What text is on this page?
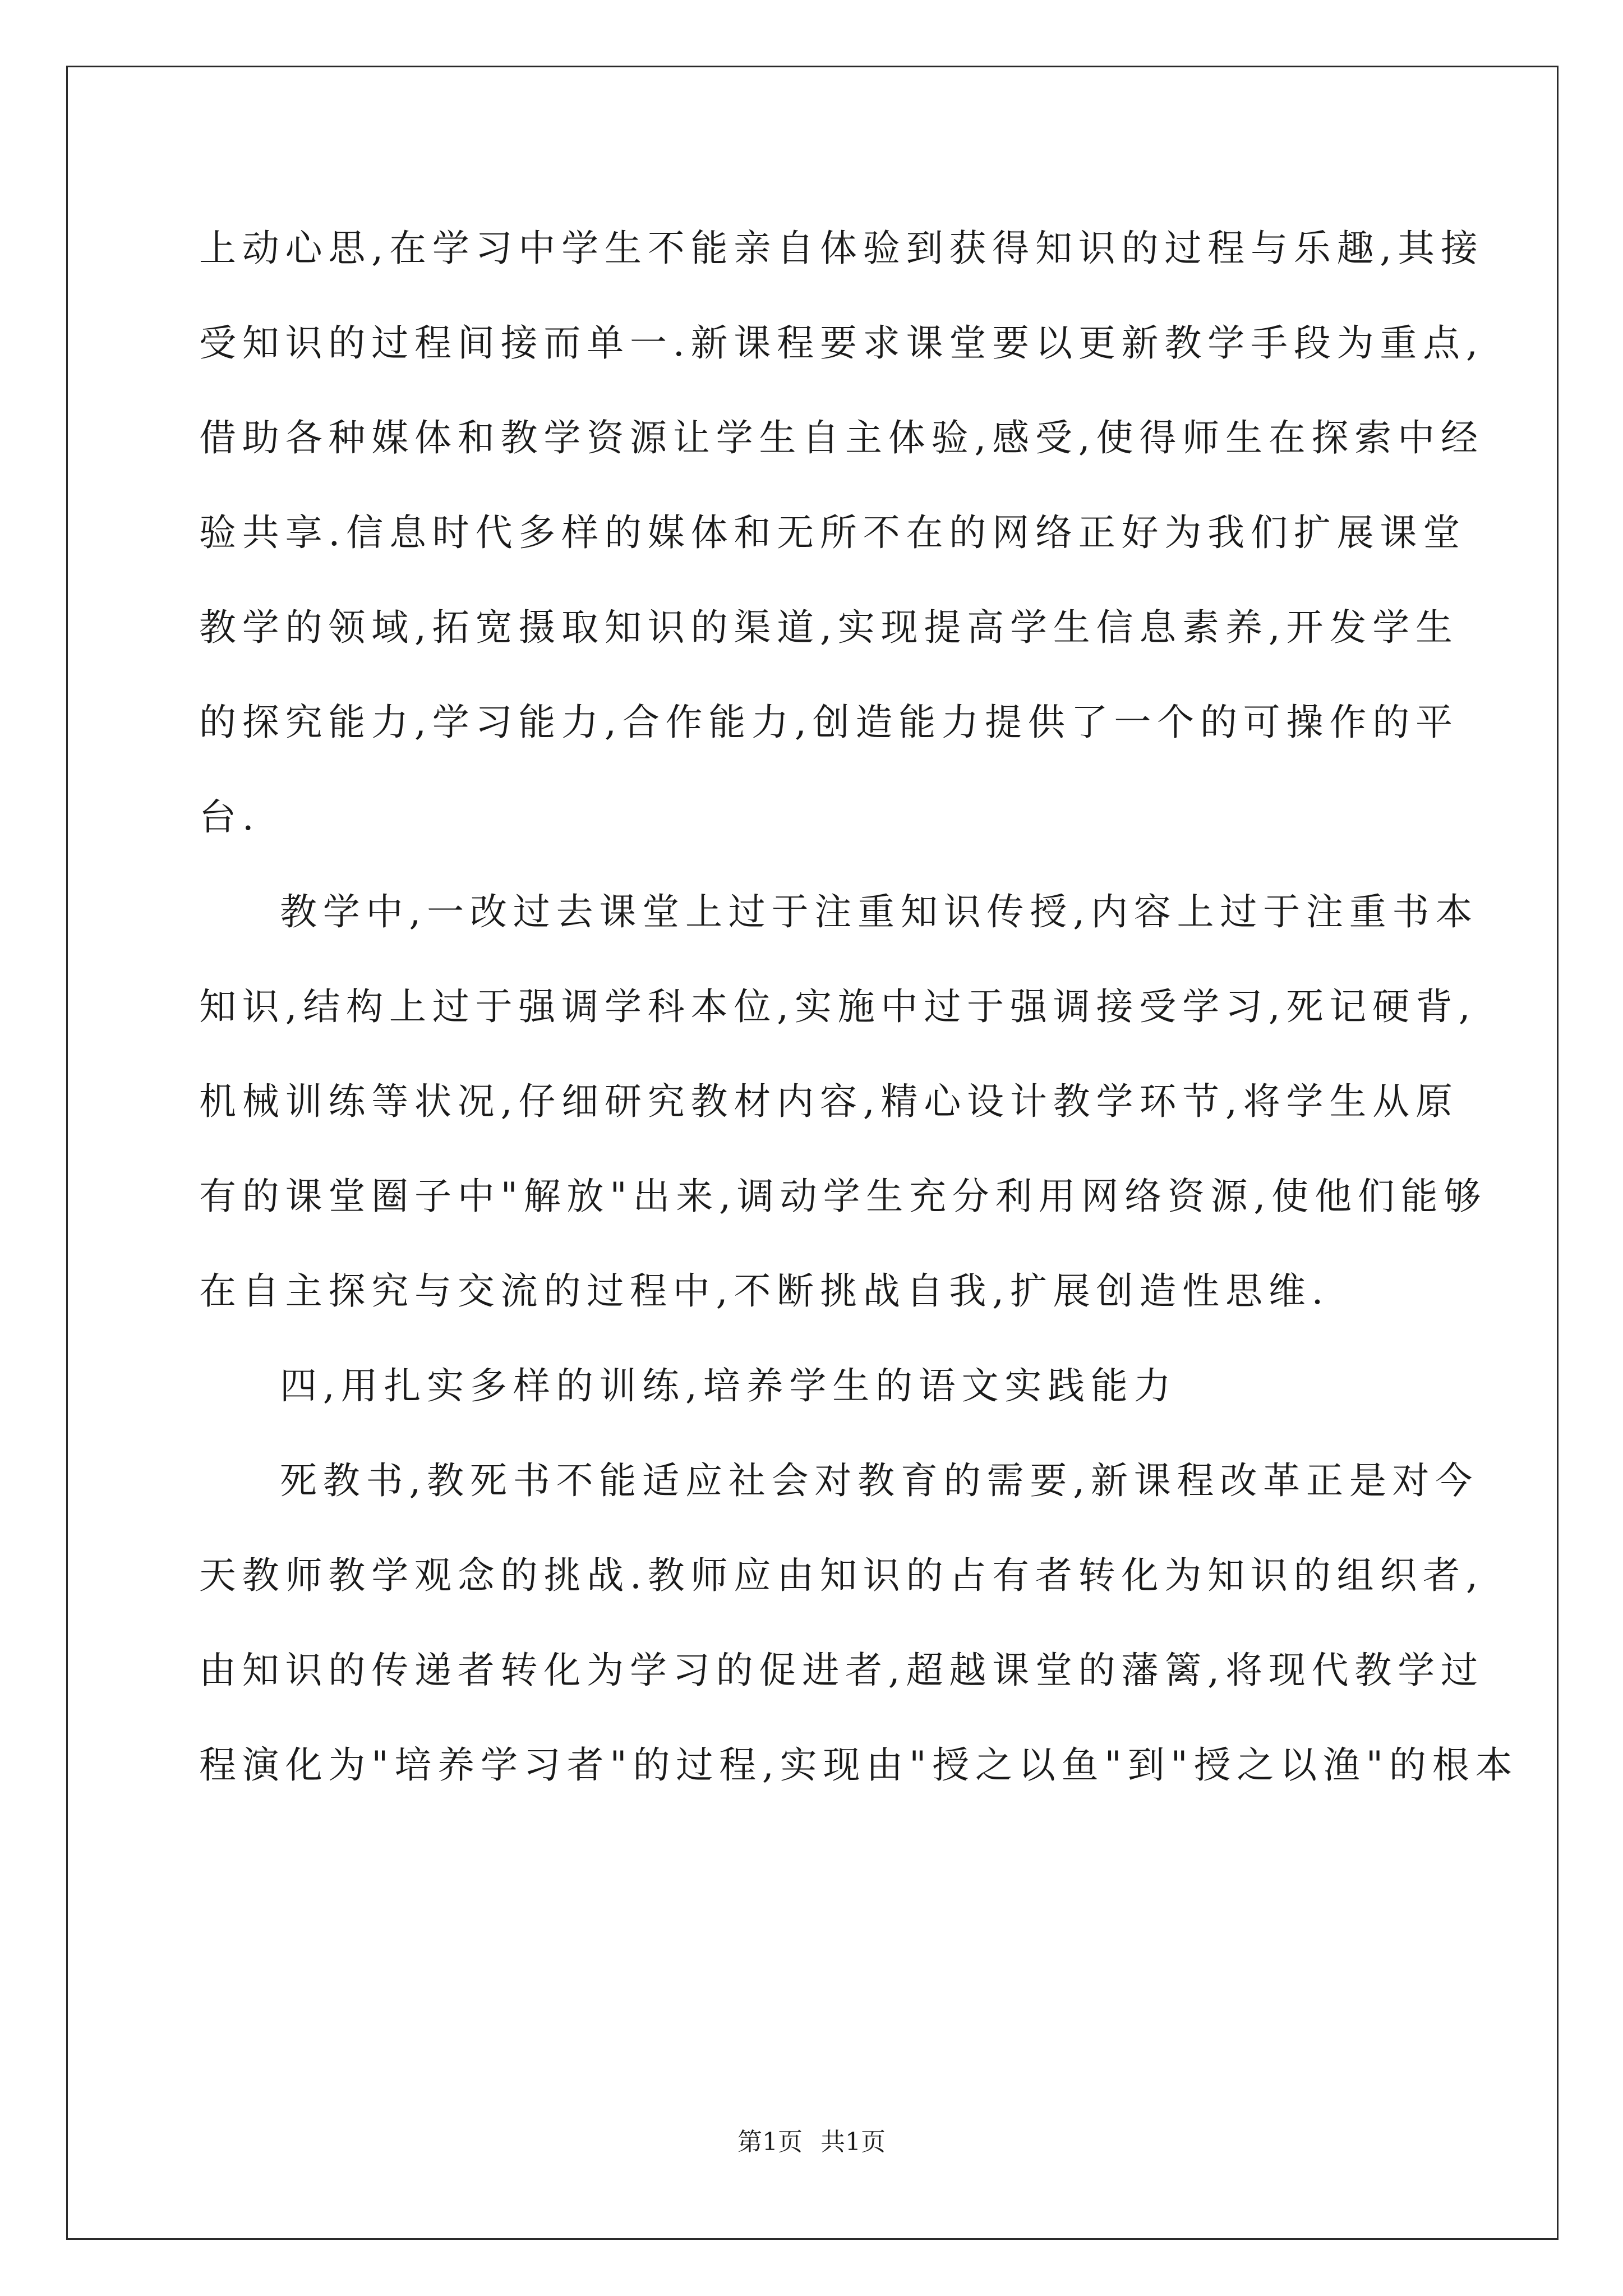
上动心思,在学习中学生不能亲自体验到获得知识的过程与乐趣,其接
受知识的过程间接而单一.新课程要求课堂要以更新教学手段为重点,
借助各种媒体和教学资源让学生自主体验,感受,使得师生在探索中经
验共享.信息时代多样的媒体和无所不在的网络正好为我们扩展课堂
教学的领域,拓宽摄取知识的渠道,实现提高学生信息素养,开发学生
的探究能力,学习能力,合作能力,创造能力提供了一个的可操作的平
台.
教学中,一改过去课堂上过于注重知识传授,内容上过于注重书本
知识,结构上过于强调学科本位,实施中过于强调接受学习,死记硬背,
机械训练等状况,仔细研究教材内容,精心设计教学环节,将学生从原
有的课堂圈子中"解放"出来,调动学生充分利用网络资源,使他们能够
在自主探究与交流的过程中,不断挑战自我,扩展创造性思维.
四,用扎实多样的训练,培养学生的语文实践能力
死教书,教死书不能适应社会对教育的需要,新课程改革正是对今
天教师教学观念的挑战.教师应由知识的占有者转化为知识的组织者,
由知识的传递者转化为学习的促进者,超越课堂的藩篱,将现代教学过
程演化为"培养学习者"的过程,实现由"授之以鱼"到"授之以渔"的根本
第1页 共1页
